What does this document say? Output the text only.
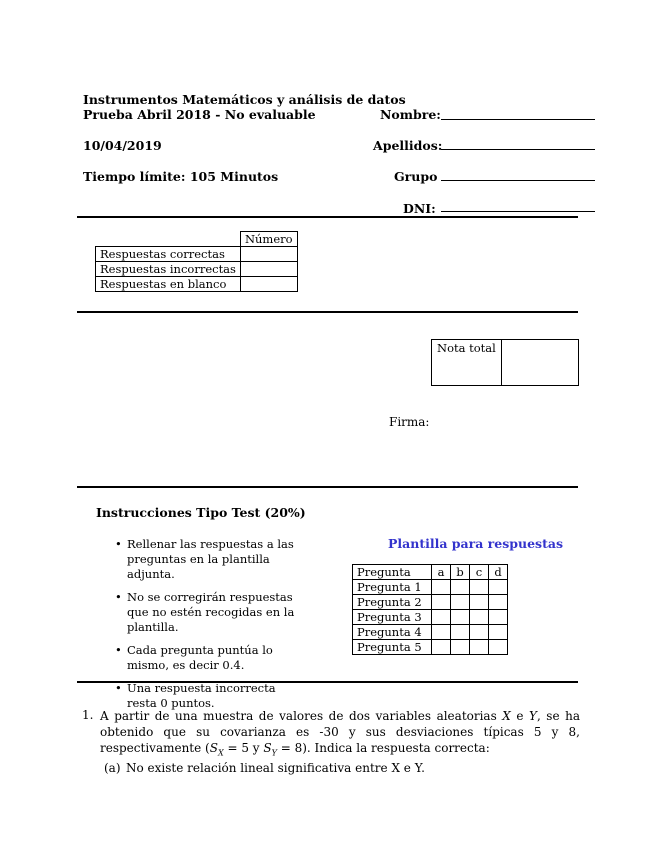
Instrumentos Matemáticos y análisis de datos
Prueba Abril 2018 - No evaluable
10/04/2019
Tiempo límite: 105 Minutos
Nombre:
Apellidos:
Grupo
DNI:
	Número
Respuestas correctas	
Respuestas incorrectas	
Respuestas en blanco	
Nota total
Firma:
Instrucciones Tipo Test (20%)
• Rellenar las respuestas a las preguntas en la plantilla adjunta.
• No se corregirán respuestas que no estén recogidas en la plantilla.
• Cada pregunta puntúa lo mismo, es decir 0.4.
• Una respuesta incorrecta resta 0 puntos.
Plantilla para respuestas
Pregunta	a	b	c	d
Pregunta 1				
Pregunta 2				
Pregunta 3				
Pregunta 4				
Pregunta 5				
1. A partir de una muestra de valores de dos variables aleatorias X e Y, se ha obtenido que su covarianza es -30 y sus desviaciones típicas 5 y 8, respectivamente ($S_X = 5$ y $S_Y = 8$). Indica la respuesta correcta:
(a) No existe relación lineal significativa entre X e Y.
